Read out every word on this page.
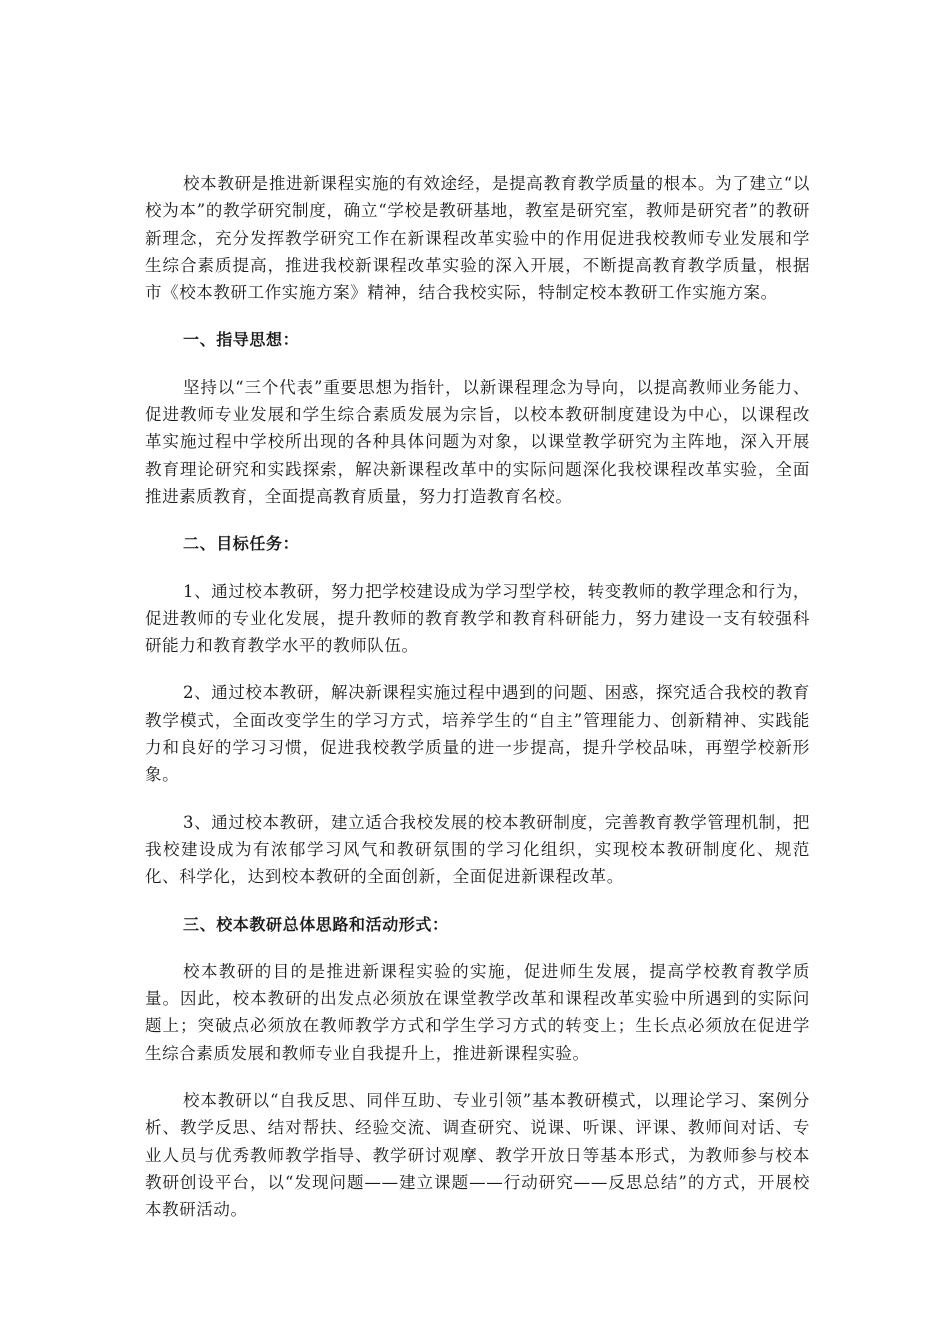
校本教研是推进新课程实施的有效途经，是提高教育教学质量的根本。为了建立“以校为本”的教学研究制度，确立“学校是教研基地，教室是研究室，教师是研究者”的教研新理念，充分发挥教学研究工作在新课程改革实验中的作用促进我校教师专业发展和学生综合素质提高，推进我校新课程改革实验的深入开展，不断提高教育教学质量，根据市《校本教研工作实施方案》精神，结合我校实际，特制定校本教研工作实施方案。

一、指导思想：

坚持以“三个代表”重要思想为指针，以新课程理念为导向，以提高教师业务能力、促进教师专业发展和学生综合素质发展为宗旨，以校本教研制度建设为中心，以课程改革实施过程中学校所出现的各种具体问题为对象，以课堂教学研究为主阵地，深入开展教育理论研究和实践探索，解决新课程改革中的实际问题深化我校课程改革实验，全面推进素质教育，全面提高教育质量，努力打造教育名校。

二、目标任务：

1、通过校本教研，努力把学校建设成为学习型学校，转变教师的教学理念和行为，促进教师的专业化发展，提升教师的教育教学和教育科研能力，努力建设一支有较强科研能力和教育教学水平的教师队伍。

2、通过校本教研，解决新课程实施过程中遇到的问题、困惑，探究适合我校的教育教学模式，全面改变学生的学习方式，培养学生的“自主”管理能力、创新精神、实践能力和良好的学习习惯，促进我校教学质量的进一步提高，提升学校品味，再塑学校新形象。

3、通过校本教研，建立适合我校发展的校本教研制度，完善教育教学管理机制，把我校建设成为有浓郁学习风气和教研氛围的学习化组织，实现校本教研制度化、规范化、科学化，达到校本教研的全面创新，全面促进新课程改革。

三、校本教研总体思路和活动形式：

校本教研的目的是推进新课程实验的实施，促进师生发展，提高学校教育教学质量。因此，校本教研的出发点必须放在课堂教学改革和课程改革实验中所遇到的实际问题上；突破点必须放在教师教学方式和学生学习方式的转变上；生长点必须放在促进学生综合素质发展和教师专业自我提升上，推进新课程实验。

校本教研以“自我反思、同伴互助、专业引领”基本教研模式，以理论学习、案例分析、教学反思、结对帮扶、经验交流、调查研究、说课、听课、评课、教师间对话、专业人员与优秀教师教学指导、教学研讨观摩、教学开放日等基本形式，为教师参与校本教研创设平台，以“发现问题——建立课题——行动研究——反思总结”的方式，开展校本教研活动。
